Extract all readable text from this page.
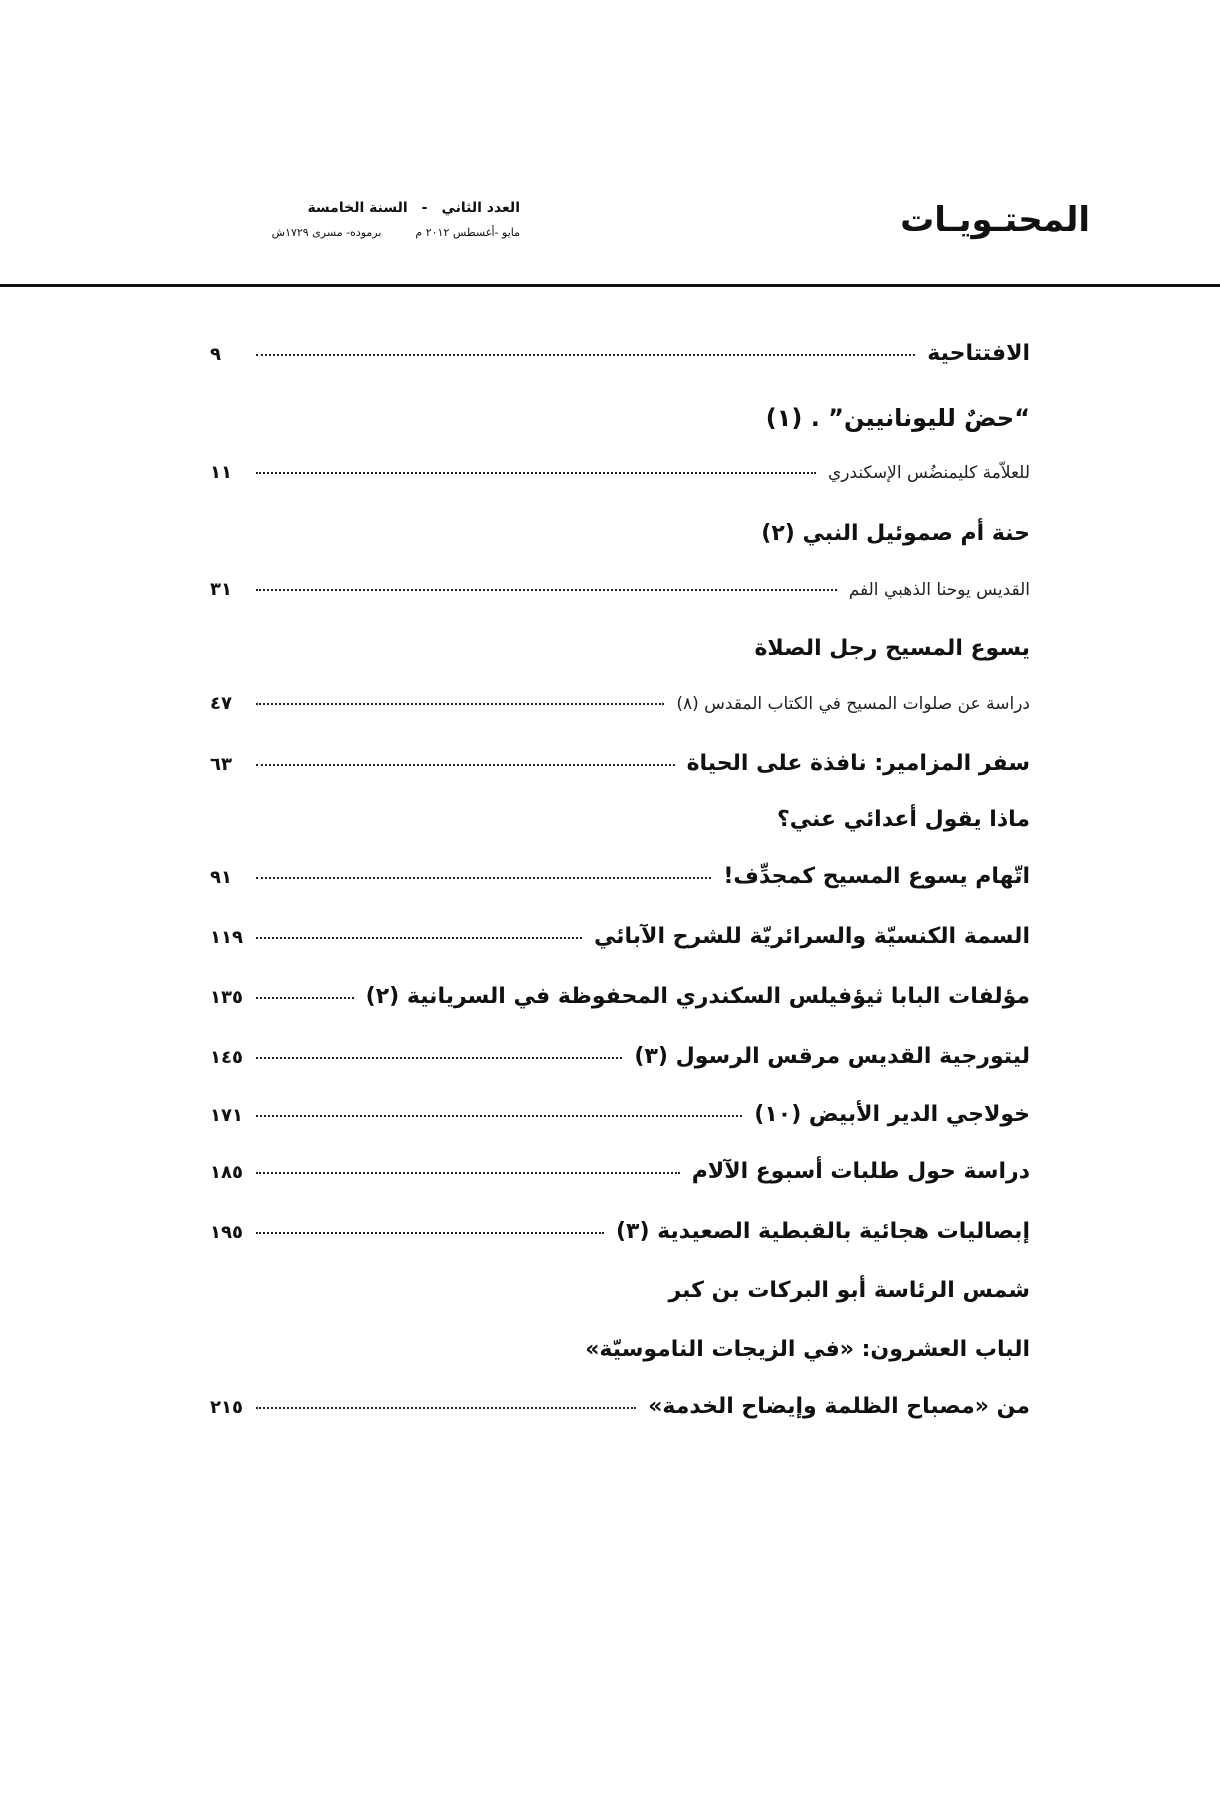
المحتـويـات
العدد الثاني-السنة الخامسة
مايو -أغسطس ٢٠١٢ مبرموده- مسرى ١٧٢٩ش
الافتتاحية
٩
“حضٌ لليونانيين” . (١)
للعلاّمة كليمنضُس الإسكندري
١١
حنة أم صموئيل النبي (٢)
القديس يوحنا الذهبي الفم
٣١
يسوع المسيح رجل الصلاة
دراسة عن صلوات المسيح في الكتاب المقدس (٨)
٤٧
سفر المزامير: نافذة على الحياة
٦٣
ماذا يقول أعدائي عني؟
اتّهام يسوع المسيح كمجدِّف!
٩١
السمة الكنسيّة والسرائريّة للشرح الآبائي
١١٩
مؤلفات البابا ثيؤفيلس السكندري المحفوظة في السريانية (٢)
١٣٥
ليتورجية القديس مرقس الرسول (٣)
١٤٥
خولاجي الدير الأبيض (١٠)
١٧١
دراسة حول طلبات أسبوع الآلام
١٨٥
إبصاليات هجائية بالقبطية الصعيدية (٣)
١٩٥
شمس الرئاسة أبو البركات بن كبر
الباب العشرون: «في الزيجات الناموسيّة»
من «مصباح الظلمة وإيضاح الخدمة»
٢١٥
